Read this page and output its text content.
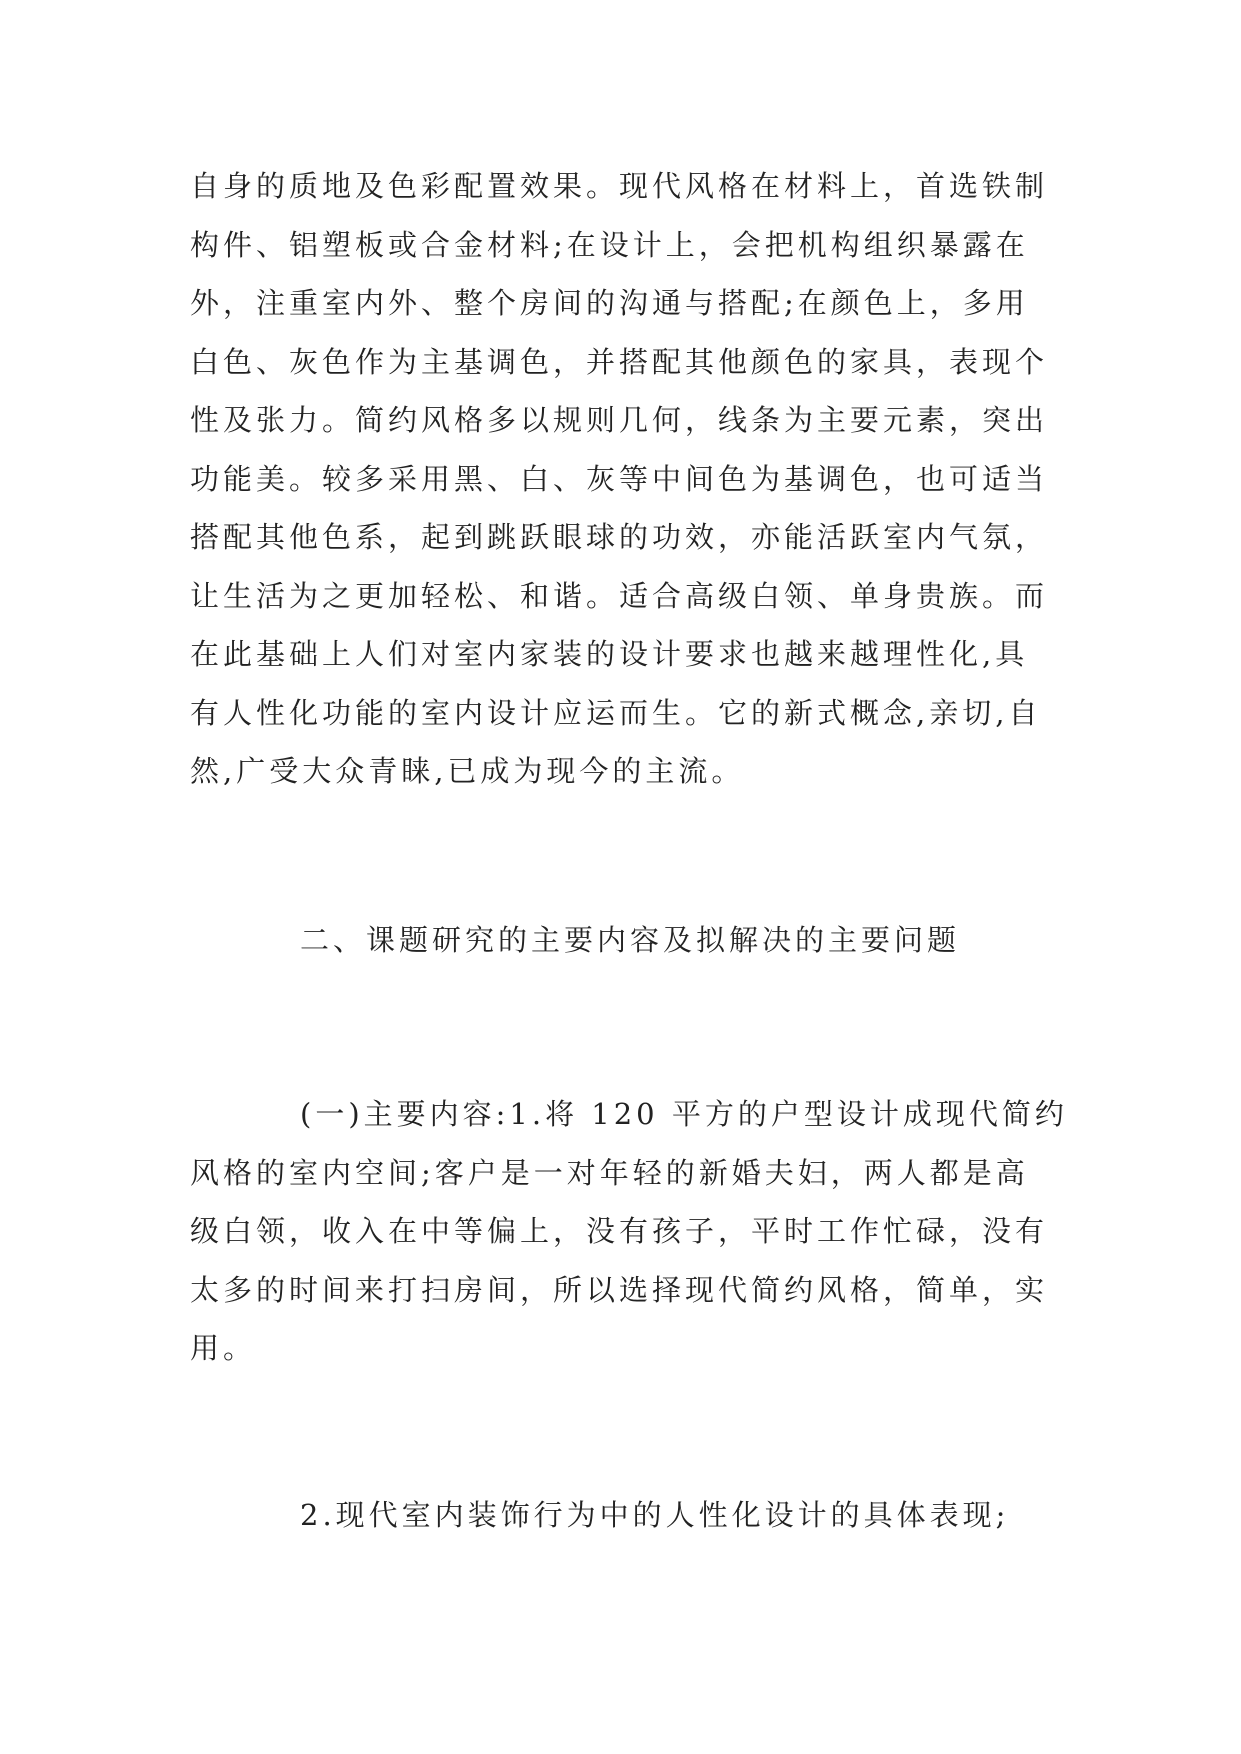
自身的质地及色彩配置效果。现代风格在材料上，首选铁制
构件、铝塑板或合金材料;在设计上，会把机构组织暴露在
外，注重室内外、整个房间的沟通与搭配;在颜色上，多用
白色、灰色作为主基调色，并搭配其他颜色的家具，表现个
性及张力。简约风格多以规则几何，线条为主要元素，突出
功能美。较多采用黑、白、灰等中间色为基调色，也可适当
搭配其他色系，起到跳跃眼球的功效，亦能活跃室内气氛，
让生活为之更加轻松、和谐。适合高级白领、单身贵族。而
在此基础上人们对室内家装的设计要求也越来越理性化,具
有人性化功能的室内设计应运而生。它的新式概念,亲切,自
然,广受大众青睐,已成为现今的主流。
二、课题研究的主要内容及拟解决的主要问题
(一)主要内容:1.将 120 平方的户型设计成现代简约
风格的室内空间;客户是一对年轻的新婚夫妇，两人都是高
级白领，收入在中等偏上，没有孩子，平时工作忙碌，没有
太多的时间来打扫房间，所以选择现代简约风格，简单，实
用。
2.现代室内装饰行为中的人性化设计的具体表现;
